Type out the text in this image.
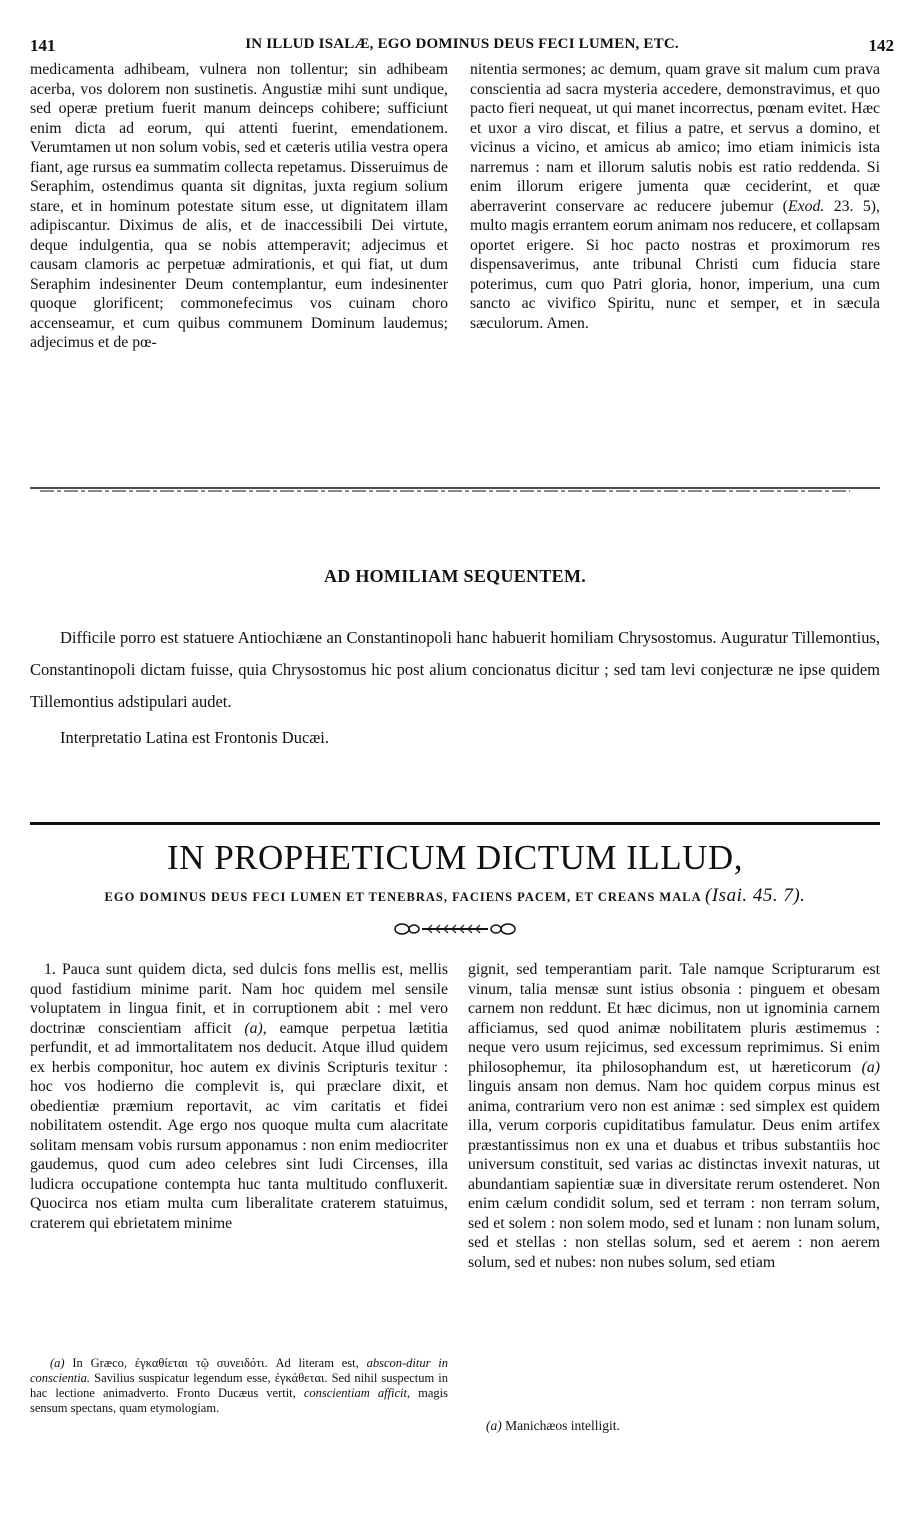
141	IN ILLUD ISALÆ, EGO DOMINUS DEUS FECI LUMEN, ETC.	142

medicamenta adhibeam, vulnera non tollentur; sin adhibeam acerba, vos dolorem non sustinetis. Angustiæ mihi sunt undique, sed operæ pretium fuerit manum deinceps cohibere; sufficiunt enim dicta ad eorum, qui attenti fuerint, emendationem. Verumtamen ut non solum vobis, sed et cæteris utilia vestra opera fiant, age rursus ea summatim collecta repetamus. Disseruimus de Seraphim, ostendimus quanta sit dignitas, juxta regium solium stare, et in hominum potestate situm esse, ut dignitatem illam adipiscantur. Diximus de alis, et de inaccessibili Dei virtute, deque indulgentia, qua se nobis attemperavit; adjecimus et causam clamoris ac perpetuæ admirationis, et qui fiat, ut dum Seraphim indesinenter Deum contemplantur, eum indesinenter quoque glorificent; commonefecimus vos cuinam choro accenseamur, et cum quibus communem Dominum laudemus; adjecimus et de pœ-

nitentia sermones; ac demum, quam grave sit malum cum prava conscientia ad sacra mysteria accedere, demonstravimus, et quo pacto fieri nequeat, ut qui manet incorrectus, pœnam evitet. Hæc et uxor a viro discat, et filius a patre, et servus a domino, et vicinus a vicino, et amicus ab amico; imo etiam inimicis ista narremus : nam et illorum salutis nobis est ratio reddenda. Si enim illorum erigere jumenta quæ ceciderint, et quæ aberraverint conservare ac reducere jubemur (Exod. 23. 5), multo magis errantem eorum animam nos reducere, et collapsam oportet erigere. Si hoc pacto nostras et proximorum res dispensaverimus, ante tribunal Christi cum fiducia stare poterimus, cum quo Patri gloria, honor, imperium, una cum sancto ac vivifico Spiritu, nunc et semper, et in sæcula sæculorum. Amen.

AD HOMILIAM SEQUENTEM.

Difficile porro est statuere Antiochiæne an Constantinopoli hanc habuerit homiliam Chrysostomus. Auguratur Tillemontius, Constantinopoli dictam fuisse, quia Chrysostomus hic post alium concionatus dicitur ; sed tam levi conjecturæ ne ipse quidem Tillemontius adstipulari audet.

Interpretatio Latina est Frontonis Ducæi.

IN PROPHETICUM DICTUM ILLUD,
EGO DOMINUS DEUS FECI LUMEN ET TENEBRAS, FACIENS PACEM, ET CREANS MALA (Isai. 45. 7).

1. Pauca sunt quidem dicta, sed dulcis fons mellis est, mellis quod fastidium minime parit. Nam hoc quidem mel sensile voluptatem in lingua finit, et in corruptionem abit : mel vero doctrinæ conscientiam afficit (a), eamque perpetua lætitia perfundit, et ad immortalitatem nos deducit. Atque illud quidem ex herbis componitur, hoc autem ex divinis Scripturis texitur : hoc vos hodierno die complevit is, qui præclare dixit, et obedientiæ præmium reportavit, ac vim caritatis et fidei nobilitatem ostendit. Age ergo nos quoque multa cum alacritate solitam mensam vobis rursum apponamus : non enim mediocriter gaudemus, quod cum adeo celebres sint ludi Circenses, illa ludicra occupatione contempta huc tanta multitudo confluxerit. Quocirca nos etiam multa cum liberalitate craterem statuimus, craterem qui ebrietatem minime

gignit, sed temperantiam parit. Tale namque Scripturarum est vinum, talia mensæ sunt istius obsonia : pinguem et obesam carnem non reddunt. Et hæc dicimus, non ut ignominia carnem afficiamus, sed quod animæ nobilitatem pluris æstimemus : neque vero usum rejicimus, sed excessum reprimimus. Si enim philosophemur, ita philosophandum est, ut hæreticorum (a) linguis ansam non demus. Nam hoc quidem corpus minus est anima, contrarium vero non est animæ : sed simplex est quidem illa, verum corporis cupiditatibus famulatur. Deus enim artifex præstantissimus non ex una et duabus et tribus substantiis hoc universum constituit, sed varias ac distinctas invexit naturas, ut abundantiam sapientiæ suæ in diversitate rerum ostenderet. Non enim cælum condidit solum, sed et terram : non terram solum, sed et solem : non solem modo, sed et lunam : non lunam solum, sed et stellas : non stellas solum, sed et aerem : non aerem solum, sed et nubes: non nubes solum, sed etiam

(a) In Græco, ἐγκαθίεται τῷ συνειδότι. Ad literam est, abscon-ditur in conscientia. Savilius suspicatur legendum esse, ἐγκάθεται. Sed nihil suspectum in hac lectione animadverto. Fronto Ducæus vertit, conscientiam afficit, magis sensum spectans, quam etymologiam.

(a) Manichæos intelligit.
